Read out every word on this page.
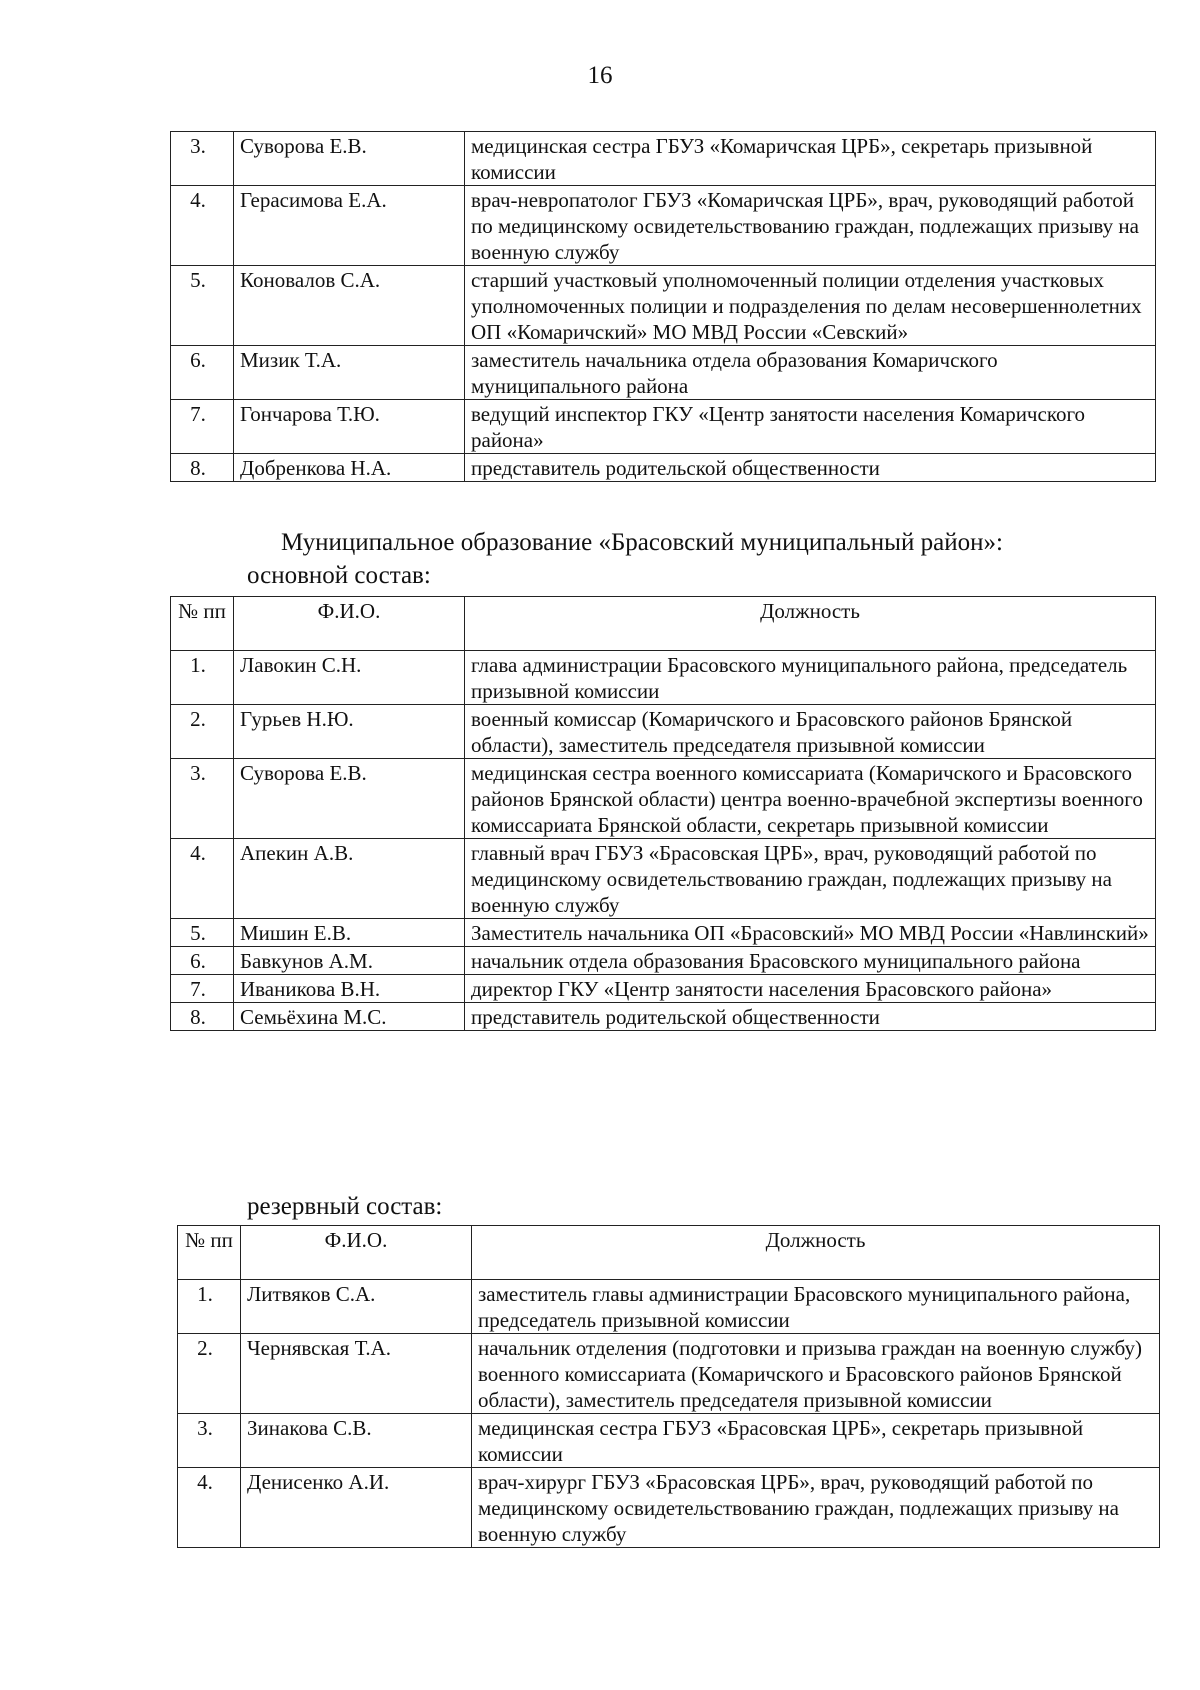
16
3.	Суворова Е.В.	медицинская сестра ГБУЗ «Комаричская ЦРБ», секретарь призывной комиссии
4.	Герасимова Е.А.	врач-невропатолог ГБУЗ «Комаричская ЦРБ», врач, руководящий работой по медицинскому освидетельствованию граждан, подлежащих призыву на военную службу
5.	Коновалов С.А.	старший участковый уполномоченный полиции отделения участковых уполномоченных полиции и подразделения по делам несовершеннолетних ОП «Комаричский» МО МВД России «Севский»
6.	Мизик Т.А.	заместитель начальника отдела образования Комаричского муниципального района
7.	Гончарова Т.Ю.	ведущий инспектор ГКУ «Центр занятости населения Комаричского района»
8.	Добренкова Н.А.	представитель родительской общественности
Муниципальное образование «Брасовский муниципальный район»:
основной состав:
№ пп	Ф.И.О.	Должность
1.	Лавокин С.Н.	глава администрации Брасовского муниципального района, председатель призывной комиссии
2.	Гурьев Н.Ю.	военный комиссар (Комаричского и Брасовского районов Брянской области), заместитель председателя призывной комиссии
3.	Суворова Е.В.	медицинская сестра военного комиссариата (Комаричского и Брасовского районов Брянской области) центра военно-врачебной экспертизы военного комиссариата Брянской области, секретарь призывной комиссии
4.	Апекин А.В.	главный врач ГБУЗ «Брасовская ЦРБ», врач, руководящий работой по медицинскому освидетельствованию граждан, подлежащих призыву на военную службу
5.	Мишин Е.В.	Заместитель начальника ОП «Брасовский» МО МВД России «Навлинский»
6.	Бавкунов А.М.	начальник отдела образования Брасовского муниципального района
7.	Иваникова В.Н.	директор ГКУ «Центр занятости населения Брасовского района»
8.	Семьёхина М.С.	представитель родительской общественности
резервный состав:
№ пп	Ф.И.О.	Должность
1.	Литвяков С.А.	заместитель главы администрации Брасовского муниципального района, председатель призывной комиссии
2.	Чернявская Т.А.	начальник отделения (подготовки и призыва граждан на военную службу) военного комиссариата (Комаричского и Брасовского районов Брянской области), заместитель председателя призывной комиссии
3.	Зинакова С.В.	медицинская сестра ГБУЗ «Брасовская ЦРБ», секретарь призывной комиссии
4.	Денисенко А.И.	врач-хирург ГБУЗ «Брасовская ЦРБ», врач, руководящий работой по медицинскому освидетельствованию граждан, подлежащих призыву на военную службу
